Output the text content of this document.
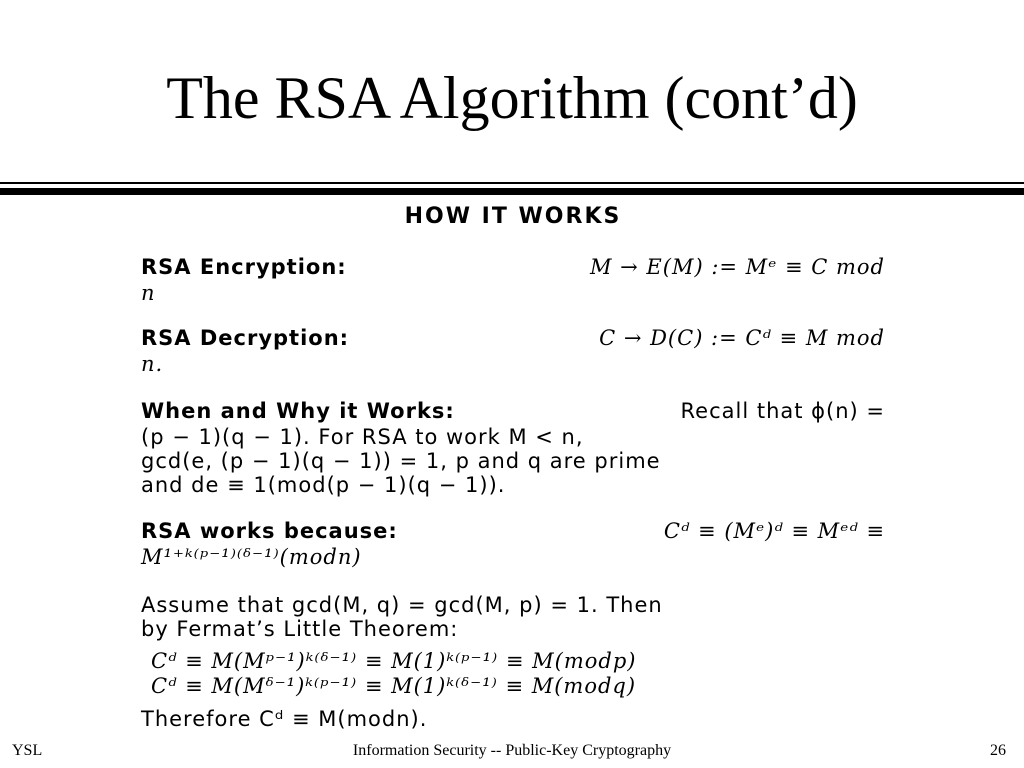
The RSA Algorithm (cont’d)
HOW IT WORKS
RSA Encryption:	M → E(M) := Mᵉ ≡ C mod
n
RSA Decryption:	C → D(C) := Cᵈ ≡ M mod
n.
When and Why it Works:	Recall that ϕ(n) =
(p − 1)(q − 1). For RSA to work M < n,
gcd(e, (p − 1)(q − 1)) = 1, p and q are prime
and de ≡ 1(mod(p − 1)(q − 1)).
RSA works because:	Cᵈ ≡ (Mᵉ)ᵈ ≡ Mᵉᵈ ≡
M¹⁺ᵏ⁽ᵖ⁻¹⁾⁽ᵟ⁻¹⁾(modn)
Assume that gcd(M, q) = gcd(M, p) = 1. Then
by Fermat’s Little Theorem:
Cᵈ ≡ M(Mᵖ⁻¹)ᵏ⁽ᵟ⁻¹⁾ ≡ M(1)ᵏ⁽ᵖ⁻¹⁾ ≡ M(modp)
Cᵈ ≡ M(Mᵟ⁻¹)ᵏ⁽ᵖ⁻¹⁾ ≡ M(1)ᵏ⁽ᵟ⁻¹⁾ ≡ M(modq)
Therefore Cᵈ ≡ M(modn).
YSL	Information Security -- Public-Key Cryptography	26
